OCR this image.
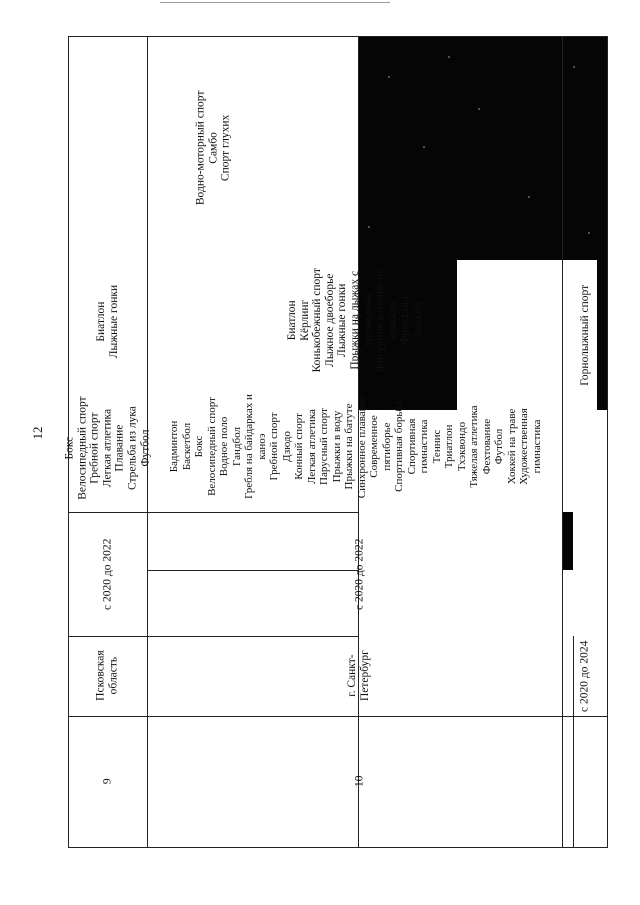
12
9
Псковская область
с 2020 до 2022
Бокс Велосипедный спорт Гребной спорт Легкая атлетика Плавание Стрельба из лука Футбол
Биатлон Лыжные гонки
Водно-моторный спорт Самбо Спорт глухих
10
г. Санкт- Петербург
с 2020 до 2022
Бадминтон Баскетбол Бокс Велосипедный спорт Водное поло Гандбол Гребля на байдарках и каноэ Гребной спорт Дзюдо Конный спорт Легкая атлетика Парусный спорт Прыжки в воду Прыжки на батуте Синхронное плавание Современное пятиборье Спортивная борьба Спортивная гимнастика Теннис Триатлон Тхэквондо Тяжелая атлетика Фехтование Футбол Хоккей на траве Художественная гимнастика
Биатлон Кёрлинг Конькобежный спорт Лыжное двоеборье Лыжные гонки Прыжки на лыжах с трамплина Фигурное катание на коньках Фристайл Хоккей
с 2020 до 2024
Горнолыжный спорт
